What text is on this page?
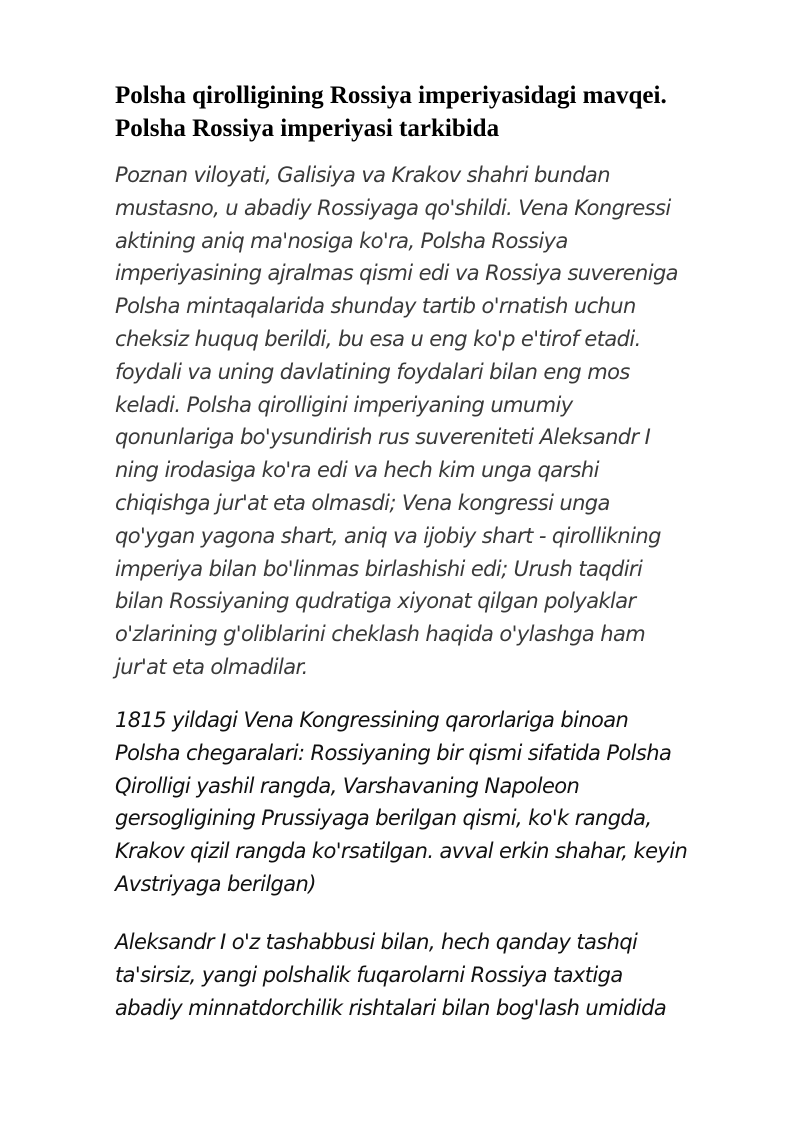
Polsha qirolligining Rossiya imperiyasidagi mavqei.
Polsha Rossiya imperiyasi tarkibida
Poznan viloyati, Galisiya va Krakov shahri bundan
mustasno, u abadiy Rossiyaga qo'shildi. Vena Kongressi
aktining aniq ma'nosiga ko'ra, Polsha Rossiya
imperiyasining ajralmas qismi edi va Rossiya suvereniga
Polsha mintaqalarida shunday tartib o'rnatish uchun
cheksiz huquq berildi, bu esa u eng ko'p e'tirof etadi.
foydali va uning davlatining foydalari bilan eng mos
keladi. Polsha qirolligini imperiyaning umumiy
qonunlariga bo'ysundirish rus suvereniteti Aleksandr I
ning irodasiga ko'ra edi va hech kim unga qarshi
chiqishga jur'at eta olmasdi; Vena kongressi unga
qo'ygan yagona shart, aniq va ijobiy shart - qirollikning
imperiya bilan bo'linmas birlashishi edi; Urush taqdiri
bilan Rossiyaning qudratiga xiyonat qilgan polyaklar
o'zlarining g'oliblarini cheklash haqida o'ylashga ham
jur'at eta olmadilar.
1815 yildagi Vena Kongressining qarorlariga binoan
Polsha chegaralari: Rossiyaning bir qismi sifatida Polsha
Qirolligi yashil rangda, Varshavaning Napoleon
gersogligining Prussiyaga berilgan qismi, ko'k rangda,
Krakov qizil rangda ko'rsatilgan. avval erkin shahar, keyin
Avstriyaga berilgan)
Aleksandr I o'z tashabbusi bilan, hech qanday tashqi
ta'sirsiz, yangi polshalik fuqarolarni Rossiya taxtiga
abadiy minnatdorchilik rishtalari bilan bog'lash umidida
